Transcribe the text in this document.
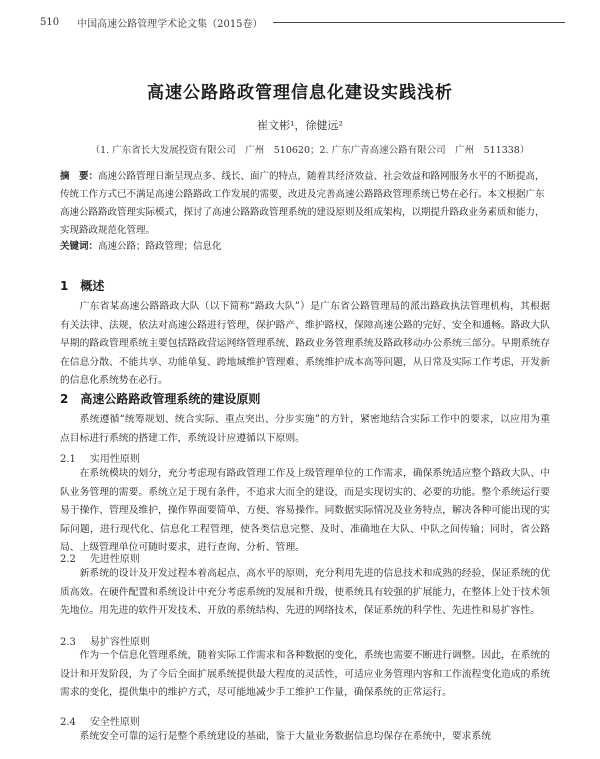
510 中国高速公路管理学术论文集（2015卷）
高速公路路政管理信息化建设实践浅析
崔文彬¹，徐健远²
（1. 广东省长大发展投资有限公司　广州　510620；2. 广东广青高速公路有限公司　广州　511338）
摘　要：高速公路管理日渐呈现点多、线长、面广的特点，随着其经济效益、社会效益和路网服务水平的不断提高，传统工作方式已不满足高速公路路政工作发展的需要，改进及完善高速公路路政管理系统已势在必行。本文根据广东高速公路路政管理实际模式，探讨了高速公路路政管理系统的建设原则及组成架构，以期提升路政业务素质和能力，实现路政规范化管理。
关键词：高速公路；路政管理；信息化
1 概述
广东省某高速公路路政大队（以下简称“路政大队”）是广东省公路管理局的派出路政执法管理机构，其根据有关法律、法规，依法对高速公路进行管理，保护路产、维护路权，保障高速公路的完好、安全和通畅。路政大队早期的路政管理系统主要包括路政营运网络管理系统、路政业务管理系统及路政移动办公系统三部分。早期系统存在信息分散、不能共享、功能单复、跨地域维护管理难、系统维护成本高等问题，从日常及实际工作考虑，开发新的信息化系统势在必行。
2 高速公路路政管理系统的建设原则
系统遵循“统筹规划、统合实际、重点突出、分步实施”的方针，紧密地结合实际工作中的要求，以应用为重点目标进行系统的搭建工作，系统设计应遵循以下原则。
2.1 实用性原则
在系统模块的划分，充分考虑现有路政管理工作及上级管理单位的工作需求，确保系统适应整个路政大队、中队业务管理的需要。系统立足于现有条件，不追求大而全的建设，而是实现切实的、必要的功能。整个系统运行要易于操作、管理及维护，操作界面要简单、方便、容易操作。同数据实际情况及业务特点，解决各种可能出现的实际问题，进行现代化、信息化工程管理，使各类信息完整、及时、准确地在大队、中队之间传输；同时，省公路局、上级管理单位可随时要求，进行查询、分析、管理。
2.2 先进性原则
新系统的设计及开发过程本着高起点、高水平的原则，充分利用先进的信息技术和成熟的经验，保证系统的优质高效。在硬件配置和系统设计中充分考虑系统的发展和升级，使系统具有较强的扩展能力，在整体上处于技术领先地位。用先进的软件开发技术、开放的系统结构、先进的网络技术，保证系统的科学性、先进性和易扩容性。
2.3 易扩容性原则
作为一个信息化管理系统，随着实际工作需求和各种数据的变化，系统也需要不断进行调整。因此，在系统的设计和开发阶段，为了今后全面扩展系统提供最大程度的灵活性，可适应业务管理内容和工作流程变化造成的系统需求的变化，提供集中的维护方式，尽可能地减少手工维护工作量，确保系统的正常运行。
2.4 安全性原则
系统安全可靠的运行是整个系统建设的基础，鉴于大量业务数据信息均保存在系统中，要求系统
